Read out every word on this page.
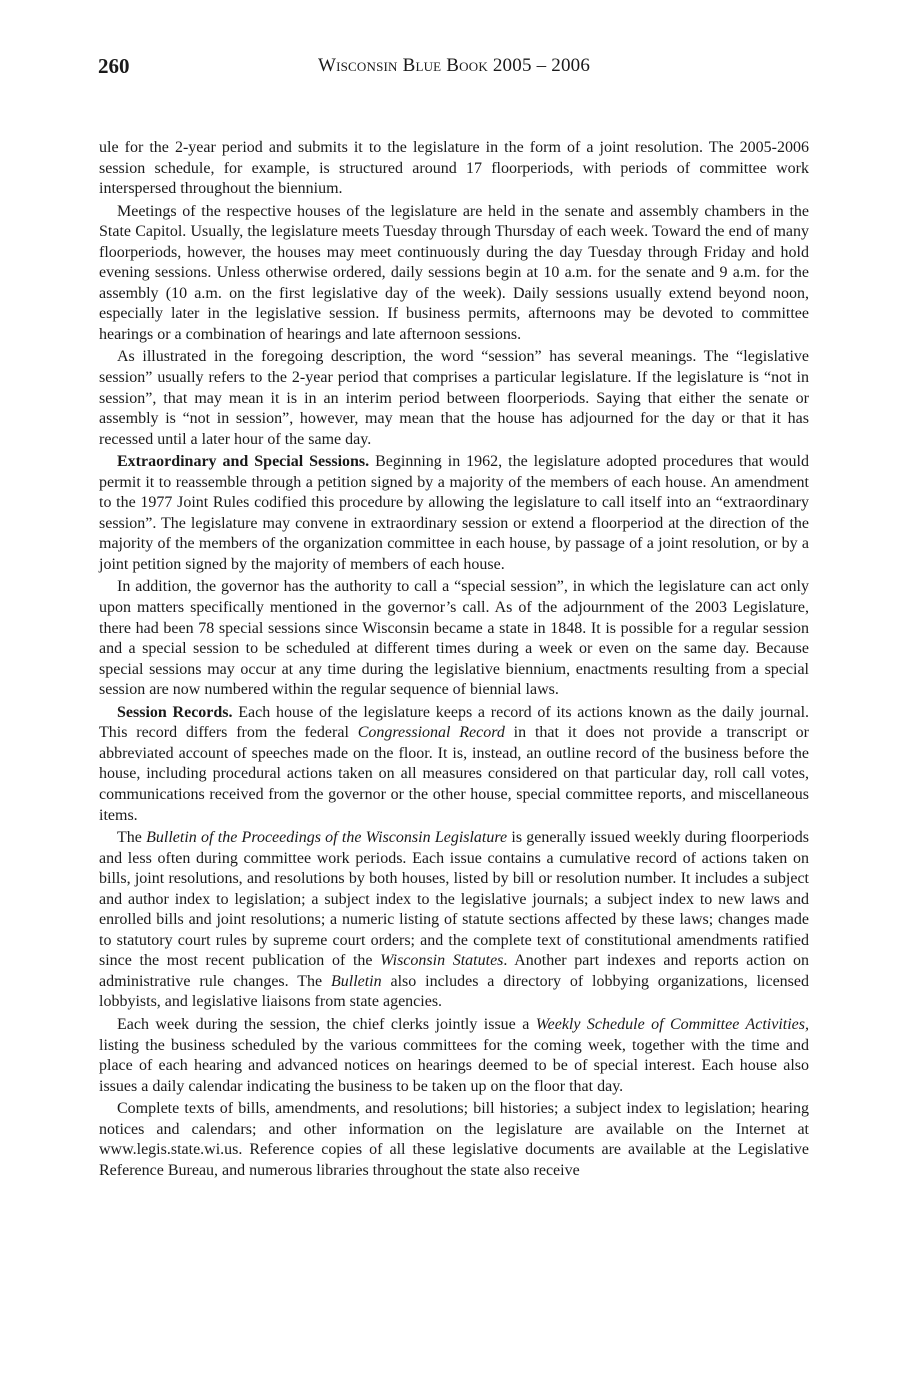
260	Wisconsin Blue Book 2005 – 2006

ule for the 2-year period and submits it to the legislature in the form of a joint resolution. The 2005-2006 session schedule, for example, is structured around 17 floorperiods, with periods of committee work interspersed throughout the biennium.

Meetings of the respective houses of the legislature are held in the senate and assembly chambers in the State Capitol. Usually, the legislature meets Tuesday through Thursday of each week. Toward the end of many floorperiods, however, the houses may meet continuously during the day Tuesday through Friday and hold evening sessions. Unless otherwise ordered, daily sessions begin at 10 a.m. for the senate and 9 a.m. for the assembly (10 a.m. on the first legislative day of the week). Daily sessions usually extend beyond noon, especially later in the legislative session. If business permits, afternoons may be devoted to committee hearings or a combination of hearings and late afternoon sessions.

As illustrated in the foregoing description, the word “session” has several meanings. The “legislative session” usually refers to the 2-year period that comprises a particular legislature. If the legislature is “not in session”, that may mean it is in an interim period between floorperiods. Saying that either the senate or assembly is “not in session”, however, may mean that the house has adjourned for the day or that it has recessed until a later hour of the same day.

Extraordinary and Special Sessions. Beginning in 1962, the legislature adopted procedures that would permit it to reassemble through a petition signed by a majority of the members of each house. An amendment to the 1977 Joint Rules codified this procedure by allowing the legislature to call itself into an “extraordinary session”. The legislature may convene in extraordinary session or extend a floorperiod at the direction of the majority of the members of the organization committee in each house, by passage of a joint resolution, or by a joint petition signed by the majority of members of each house.

In addition, the governor has the authority to call a “special session”, in which the legislature can act only upon matters specifically mentioned in the governor’s call. As of the adjournment of the 2003 Legislature, there had been 78 special sessions since Wisconsin became a state in 1848. It is possible for a regular session and a special session to be scheduled at different times during a week or even on the same day. Because special sessions may occur at any time during the legislative biennium, enactments resulting from a special session are now numbered within the regular sequence of biennial laws.

Session Records. Each house of the legislature keeps a record of its actions known as the daily journal. This record differs from the federal Congressional Record in that it does not provide a transcript or abbreviated account of speeches made on the floor. It is, instead, an outline record of the business before the house, including procedural actions taken on all measures considered on that particular day, roll call votes, communications received from the governor or the other house, special committee reports, and miscellaneous items.

The Bulletin of the Proceedings of the Wisconsin Legislature is generally issued weekly during floorperiods and less often during committee work periods. Each issue contains a cumulative record of actions taken on bills, joint resolutions, and resolutions by both houses, listed by bill or resolution number. It includes a subject and author index to legislation; a subject index to the legislative journals; a subject index to new laws and enrolled bills and joint resolutions; a numeric listing of statute sections affected by these laws; changes made to statutory court rules by supreme court orders; and the complete text of constitutional amendments ratified since the most recent publication of the Wisconsin Statutes. Another part indexes and reports action on administrative rule changes. The Bulletin also includes a directory of lobbying organizations, licensed lobbyists, and legislative liaisons from state agencies.

Each week during the session, the chief clerks jointly issue a Weekly Schedule of Committee Activities, listing the business scheduled by the various committees for the coming week, together with the time and place of each hearing and advanced notices on hearings deemed to be of special interest. Each house also issues a daily calendar indicating the business to be taken up on the floor that day.

Complete texts of bills, amendments, and resolutions; bill histories; a subject index to legislation; hearing notices and calendars; and other information on the legislature are available on the Internet at www.legis.state.wi.us. Reference copies of all these legislative documents are available at the Legislative Reference Bureau, and numerous libraries throughout the state also receive
